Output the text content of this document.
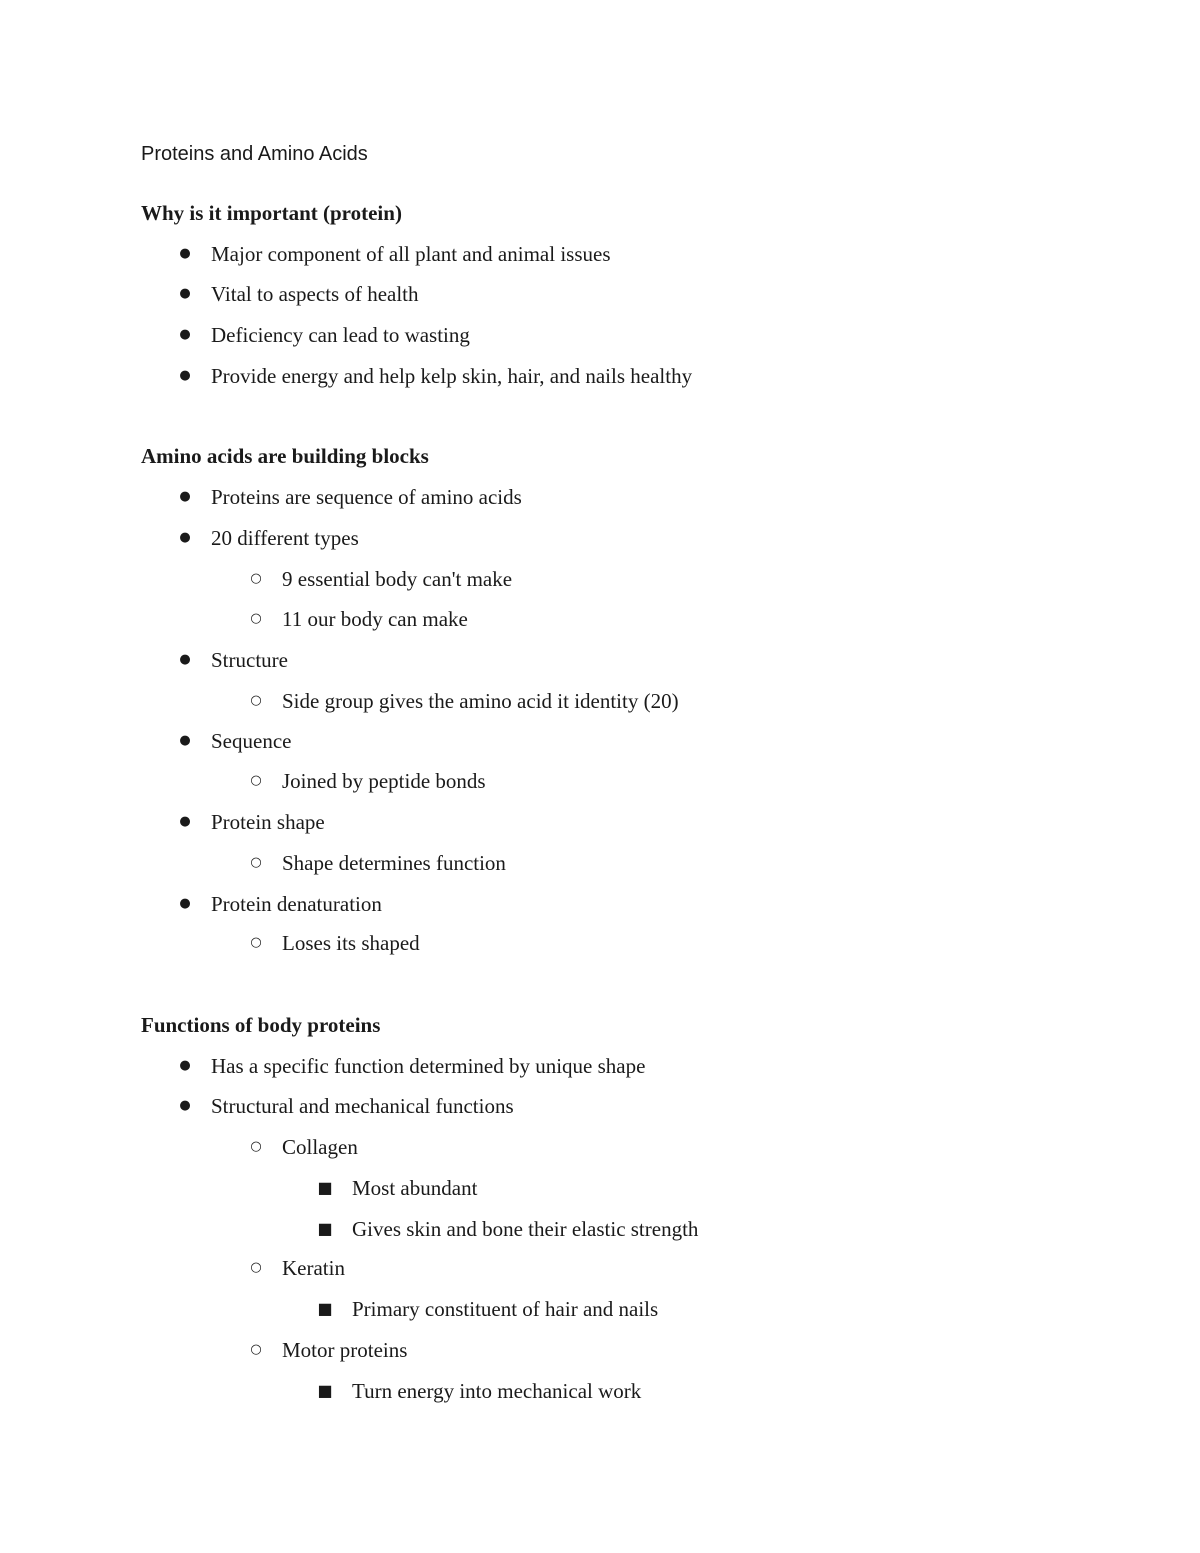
Proteins and Amino Acids
Why is it important (protein)
● Major component of all plant and animal issues
● Vital to aspects of health
● Deficiency can lead to wasting
● Provide energy and help kelp skin, hair, and nails healthy
Amino acids are building blocks
● Proteins are sequence of amino acids
● 20 different types
○ 9 essential body can't make
○ 11 our body can make
● Structure
○ Side group gives the amino acid it identity (20)
● Sequence
○ Joined by peptide bonds
● Protein shape
○ Shape determines function
● Protein denaturation
○ Loses its shaped
Functions of body proteins
● Has a specific function determined by unique shape
● Structural and mechanical functions
○ Collagen
■ Most abundant
■ Gives skin and bone their elastic strength
○ Keratin
■ Primary constituent of hair and nails
○ Motor proteins
■ Turn energy into mechanical work
